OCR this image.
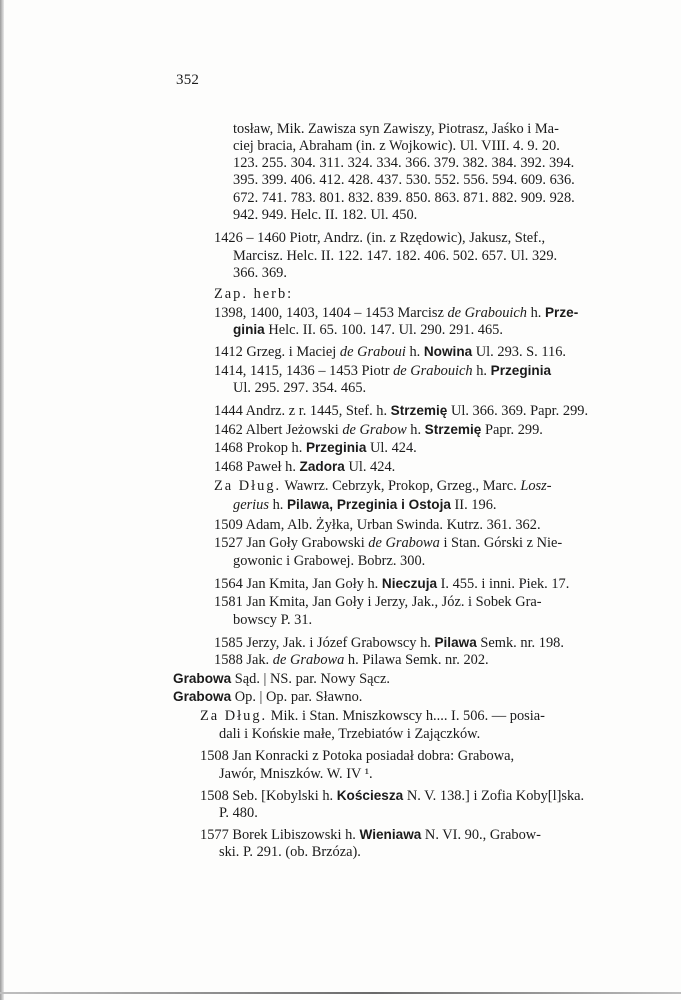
352
tosław, Mik. Zawisza syn Zawiszy, Piotrasz, Jaśko i Ma-
ciej bracia, Abraham (in. z Wojkowic). Ul. VIII. 4. 9. 20.
123. 255. 304. 311. 324. 334. 366. 379. 382. 384. 392. 394.
395. 399. 406. 412. 428. 437. 530. 552. 556. 594. 609. 636.
672. 741. 783. 801. 832. 839. 850. 863. 871. 882. 909. 928.
942. 949. Helc. II. 182. Ul. 450.
1426 – 1460 Piotr, Andrz. (in. z Rzędowic), Jakusz, Stef.,
Marcisz. Helc. II. 122. 147. 182. 406. 502. 657. Ul. 329.
366. 369.
Zap. herb:
1398, 1400, 1403, 1404 – 1453 Marcisz de Grabouich h. Prze-
ginia Helc. II. 65. 100. 147. Ul. 290. 291. 465.
1412 Grzeg. i Maciej de Graboui h. Nowina Ul. 293. S. 116.
1414, 1415, 1436 – 1453 Piotr de Grabouich h. Przeginia
Ul. 295. 297. 354. 465.
1444 Andrz. z r. 1445, Stef. h. Strzemię Ul. 366. 369. Papr. 299.
1462 Albert Jeżowski de Grabow h. Strzemię Papr. 299.
1468 Prokop h. Przeginia Ul. 424.
1468 Paweł h. Zadora Ul. 424.
Za Dług. Wawrz. Cebrzyk, Prokop, Grzeg., Marc. Losz-
gerius h. Pilawa, Przeginia i Ostoja II. 196.
1509 Adam, Alb. Żyłka, Urban Swinda. Kutrz. 361. 362.
1527 Jan Goły Grabowski de Grabowa i Stan. Górski z Nie-
gowonic i Grabowej. Bobrz. 300.
1564 Jan Kmita, Jan Goły h. Nieczuja I. 455. i inni. Piek. 17.
1581 Jan Kmita, Jan Goły i Jerzy, Jak., Józ. i Sobek Gra-
bowscy P. 31.
1585 Jerzy, Jak. i Józef Grabowscy h. Pilawa Semk. nr. 198.
1588 Jak. de Grabowa h. Pilawa Semk. nr. 202.
Grabowa Sąd. | NS. par. Nowy Sącz.
Grabowa Op. | Op. par. Sławno.
Za Dług. Mik. i Stan. Mniszkowscy h.... I. 506. — posia-
dali i Końskie małe, Trzebiatów i Zajączków.
1508 Jan Konracki z Potoka posiadał dobra: Grabowa,
Jawór, Mniszków. W. IV ¹.
1508 Seb. [Kobylski h. Kościesza N. V. 138.] i Zofia Koby[l]ska.
P. 480.
1577 Borek Libiszowski h. Wieniawa N. VI. 90., Grabow-
ski. P. 291. (ob. Brzóza).
